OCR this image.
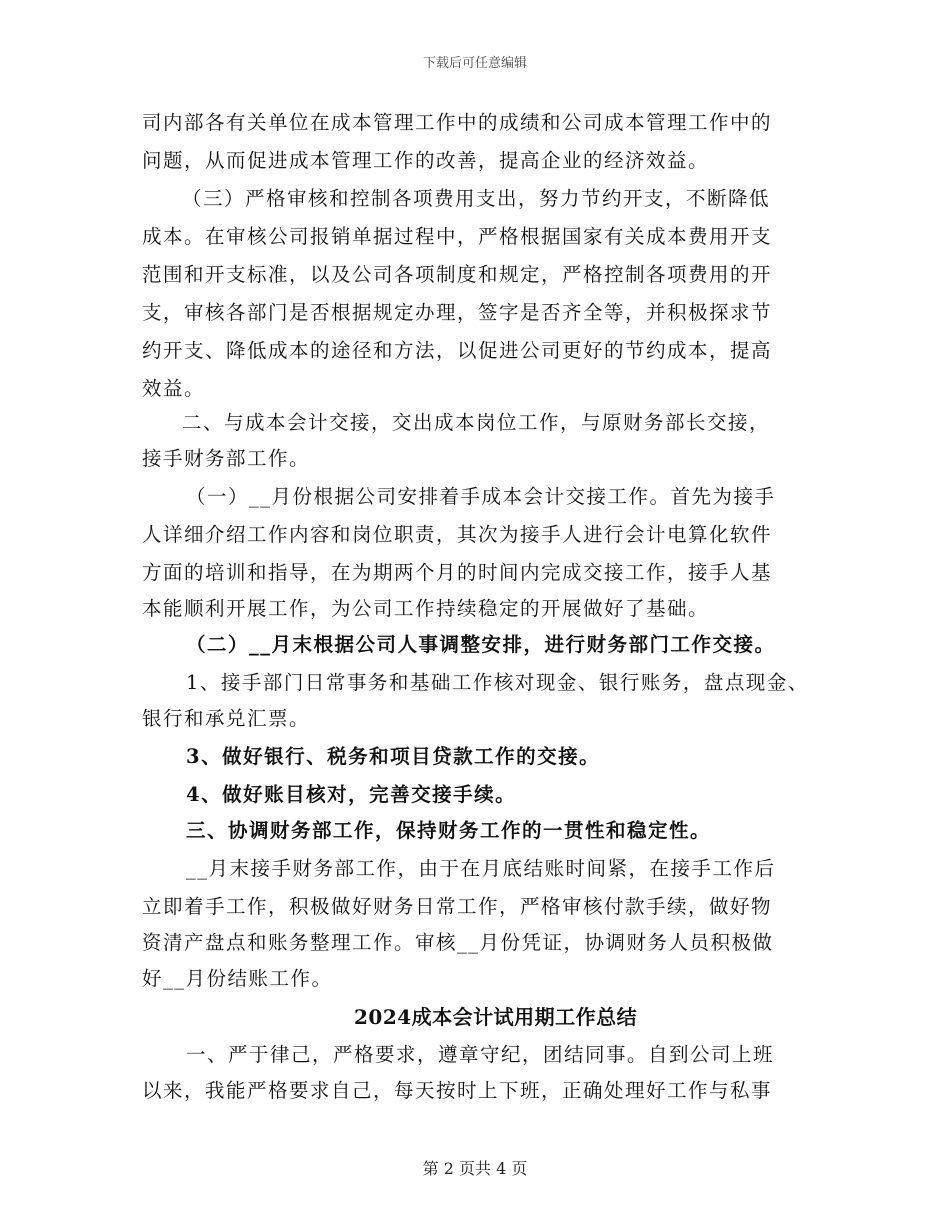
下载后可任意编辑
司内部各有关单位在成本管理工作中的成绩和公司成本管理工作中的
问题，从而促进成本管理工作的改善，提高企业的经济效益。
（三）严格审核和控制各项费用支出，努力节约开支，不断降低
成本。在审核公司报销单据过程中，严格根据国家有关成本费用开支
范围和开支标准，以及公司各项制度和规定，严格控制各项费用的开
支，审核各部门是否根据规定办理，签字是否齐全等，并积极探求节
约开支、降低成本的途径和方法，以促进公司更好的节约成本，提高
效益。
二、与成本会计交接，交出成本岗位工作，与原财务部长交接，
接手财务部工作。
（一）__月份根据公司安排着手成本会计交接工作。首先为接手
人详细介绍工作内容和岗位职责，其次为接手人进行会计电算化软件
方面的培训和指导，在为期两个月的时间内完成交接工作，接手人基
本能顺利开展工作，为公司工作持续稳定的开展做好了基础。
（二）__月末根据公司人事调整安排，进行财务部门工作交接。
1、接手部门日常事务和基础工作核对现金、银行账务，盘点现金、
银行和承兑汇票。
3、做好银行、税务和项目贷款工作的交接。
4、做好账目核对，完善交接手续。
三、协调财务部工作，保持财务工作的一贯性和稳定性。
__月末接手财务部工作，由于在月底结账时间紧，在接手工作后
立即着手工作，积极做好财务日常工作，严格审核付款手续，做好物
资清产盘点和账务整理工作。审核__月份凭证，协调财务人员积极做
好__月份结账工作。
2024成本会计试用期工作总结
一、严于律己，严格要求，遵章守纪，团结同事。自到公司上班
以来，我能严格要求自己，每天按时上下班，正确处理好工作与私事
第 2 页共 4 页
